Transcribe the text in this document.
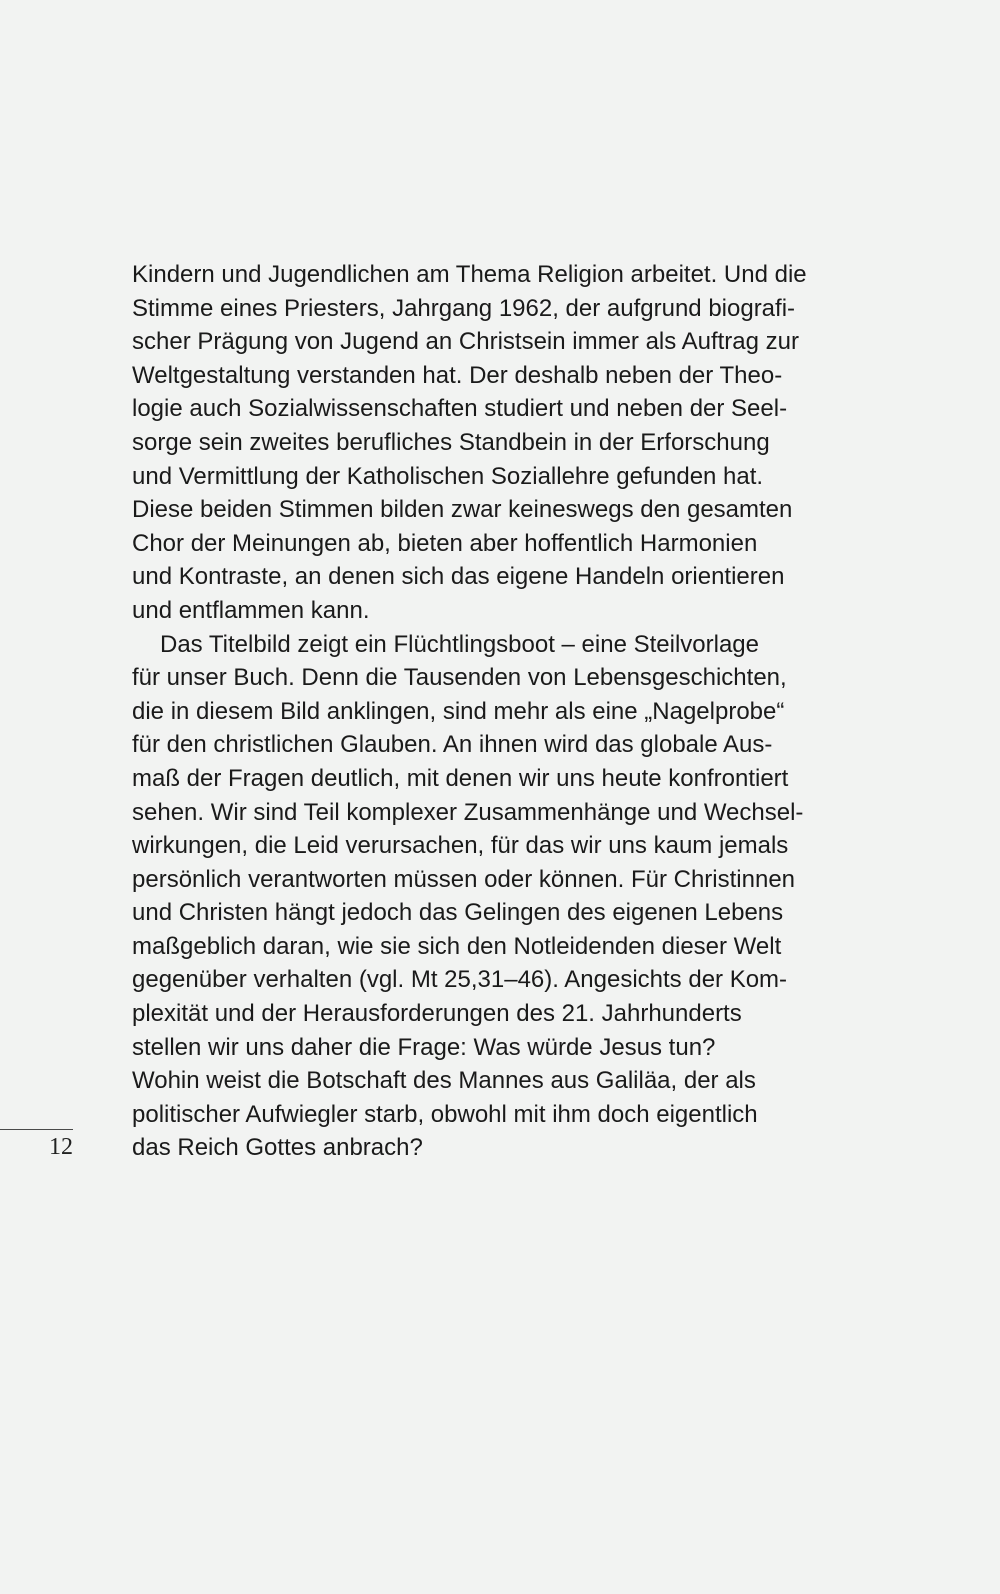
Kindern und Jugendlichen am Thema Religion arbeitet. Und die
Stimme eines Priesters, Jahrgang 1962, der aufgrund biografi-
scher Prägung von Jugend an Christsein immer als Auftrag zur
Weltgestaltung verstanden hat. Der deshalb neben der Theo-
logie auch Sozialwissenschaften studiert und neben der Seel-
sorge sein zweites berufliches Standbein in der Erforschung
und Vermittlung der Katholischen Soziallehre gefunden hat.
Diese beiden Stimmen bilden zwar keineswegs den gesamten
Chor der Meinungen ab, bieten aber hoffentlich Harmonien
und Kontraste, an denen sich das eigene Handeln orientieren
und entflammen kann.
Das Titelbild zeigt ein Flüchtlingsboot – eine Steilvorlage
für unser Buch. Denn die Tausenden von Lebensgeschichten,
die in diesem Bild anklingen, sind mehr als eine „Nagelprobe“
für den christlichen Glauben. An ihnen wird das globale Aus-
maß der Fragen deutlich, mit denen wir uns heute konfrontiert
sehen. Wir sind Teil komplexer Zusammenhänge und Wechsel-
wirkungen, die Leid verursachen, für das wir uns kaum jemals
persönlich verantworten müssen oder können. Für Christinnen
und Christen hängt jedoch das Gelingen des eigenen Lebens
maßgeblich daran, wie sie sich den Notleidenden dieser Welt
gegenüber verhalten (vgl. Mt 25,31–46). Angesichts der Kom-
plexität und der Herausforderungen des 21. Jahrhunderts
stellen wir uns daher die Frage: Was würde Jesus tun?
Wohin weist die Botschaft des Mannes aus Galiläa, der als
politischer Aufwiegler starb, obwohl mit ihm doch eigentlich
das Reich Gottes anbrach?
12
